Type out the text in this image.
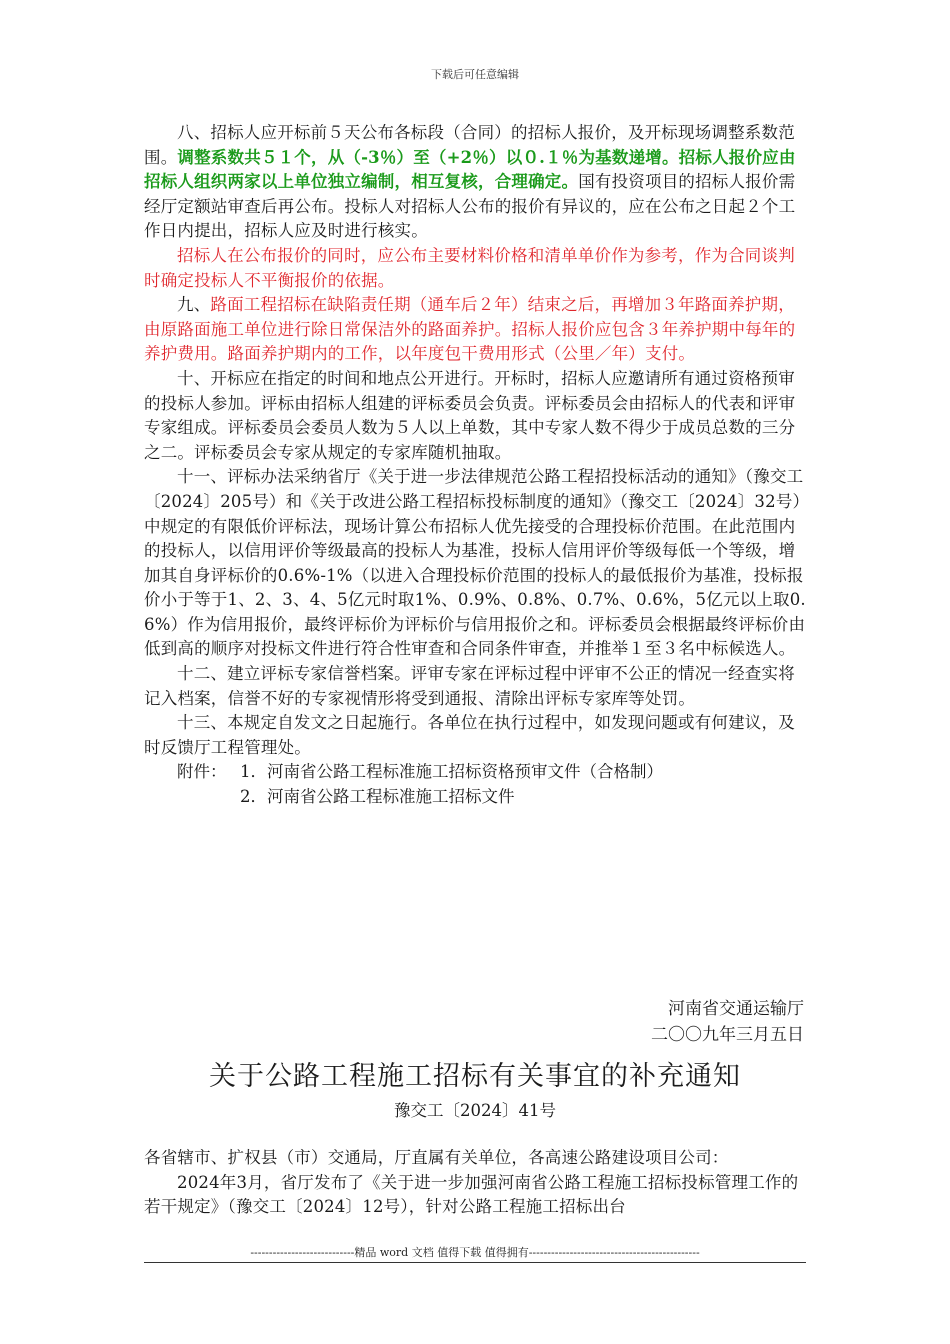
下载后可任意编辑

八、招标人应开标前５天公布各标段（合同）的招标人报价，及开标现场调整系数范围。调整系数共５１个，从（-3％）至（+2％）以０.１％为基数递增。招标人报价应由招标人组织两家以上单位独立编制，相互复核，合理确定。国有投资项目的招标人报价需经厅定额站审查后再公布。投标人对招标人公布的报价有异议的，应在公布之日起２个工作日内提出，招标人应及时进行核实。

招标人在公布报价的同时，应公布主要材料价格和清单单价作为参考，作为合同谈判时确定投标人不平衡报价的依据。

九、路面工程招标在缺陷责任期（通车后２年）结束之后，再增加３年路面养护期，由原路面施工单位进行除日常保洁外的路面养护。招标人报价应包含３年养护期中每年的养护费用。路面养护期内的工作，以年度包干费用形式（公里／年）支付。

十、开标应在指定的时间和地点公开进行。开标时，招标人应邀请所有通过资格预审的投标人参加。评标由招标人组建的评标委员会负责。评标委员会由招标人的代表和评审专家组成。评标委员会委员人数为５人以上单数，其中专家人数不得少于成员总数的三分之二。评标委员会专家从规定的专家库随机抽取。

十一、评标办法采纳省厅《关于进一步法律规范公路工程招投标活动的通知》（豫交工〔2024〕205号）和《关于改进公路工程招标投标制度的通知》（豫交工〔2024〕32号）中规定的有限低价评标法，现场计算公布招标人优先接受的合理投标价范围。在此范围内的投标人，以信用评价等级最高的投标人为基准，投标人信用评价等级每低一个等级，增加其自身评标价的0.6%-1%（以进入合理投标价范围的投标人的最低报价为基准，投标报价小于等于1、2、3、4、5亿元时取1%、0.9%、0.8%、0.7%、0.6%，5亿元以上取0.6%）作为信用报价，最终评标价为评标价与信用报价之和。评标委员会根据最终评标价由低到高的顺序对投标文件进行符合性审查和合同条件审查，并推举１至３名中标候选人。

十二、建立评标专家信誉档案。评审专家在评标过程中评审不公正的情况一经查实将记入档案，信誉不好的专家视情形将受到通报、清除出评标专家库等处罚。

十三、本规定自发文之日起施行。各单位在执行过程中，如发现问题或有何建议，及时反馈厅工程管理处。

附件： 1．河南省公路工程标准施工招标资格预审文件（合格制）

2．河南省公路工程标准施工招标文件

河南省交通运输厅
二〇〇九年三月五日
关于公路工程施工招标有关事宜的补充通知
豫交工〔2024〕41号

各省辖市、扩权县（市）交通局，厅直属有关单位，各高速公路建设项目公司：

2024年3月，省厅发布了《关于进一步加强河南省公路工程施工招标投标管理工作的若干规定》（豫交工〔2024〕12号），针对公路工程施工招标出台

----------------------------精品 word 文档 值得下载 值得拥有----------------------------------------------
